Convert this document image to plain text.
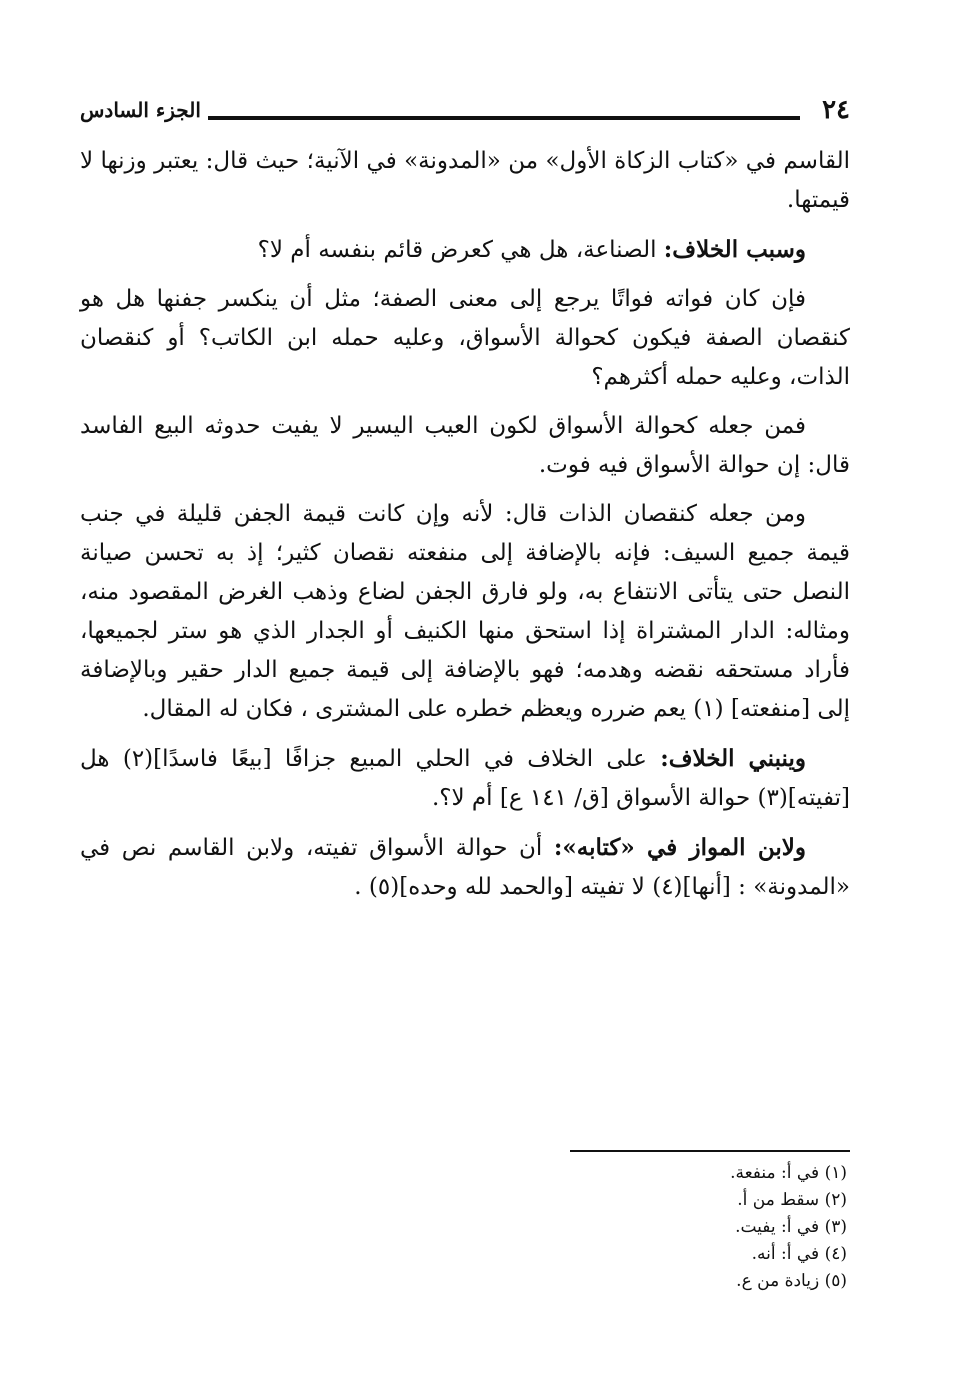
٢٤
الجزء السادس

القاسم في «كتاب الزكاة الأول» من «المدونة» في الآنية؛ حيث قال: يعتبر وزنها لا قيمتها.

وسبب الخلاف: الصناعة، هل هي كعرض قائم بنفسه أم لا؟

فإن كان فواته فواتًا يرجع إلى معنى الصفة؛ مثل أن ينكسر جفنها هل هو كنقصان الصفة فيكون كحوالة الأسواق، وعليه حمله ابن الكاتب؟ أو كنقصان الذات، وعليه حمله أكثرهم؟

فمن جعله كحوالة الأسواق لكون العيب اليسير لا يفيت حدوثه البيع الفاسد قال: إن حوالة الأسواق فيه فوت.

ومن جعله كنقصان الذات قال: لأنه وإن كانت قيمة الجفن قليلة في جنب قيمة جميع السيف: فإنه بالإضافة إلى منفعته نقصان كثير؛ إذ به تحسن صيانة النصل حتى يتأتى الانتفاع به، ولو فارق الجفن لضاع وذهب الغرض المقصود منه، ومثاله: الدار المشتراة إذا استحق منها الكنيف أو الجدار الذي هو ستر لجميعها، فأراد مستحقه نقضه وهدمه؛ فهو بالإضافة إلى قيمة جميع الدار حقير وبالإضافة إلى [منفعته] (١) يعم ضرره ويعظم خطره على المشترى ، فكان له المقال.

وينبني الخلاف: على الخلاف في الحلي المبيع جزافًا [بيعًا فاسدًا](٢) هل [تفيته](٣) حوالة الأسواق [ق/ ١٤١ ع] أم لا؟.

ولابن المواز في «كتابه»: أن حوالة الأسواق تفيته، ولابن القاسم نص في «المدونة» : [أنها](٤) لا تفيته [والحمد لله وحده](٥) .

(١) في أ: منفعة.
(٢) سقط من أ.
(٣) في أ: يفيت.
(٤) في أ: أنه.
(٥) زيادة من ع.
